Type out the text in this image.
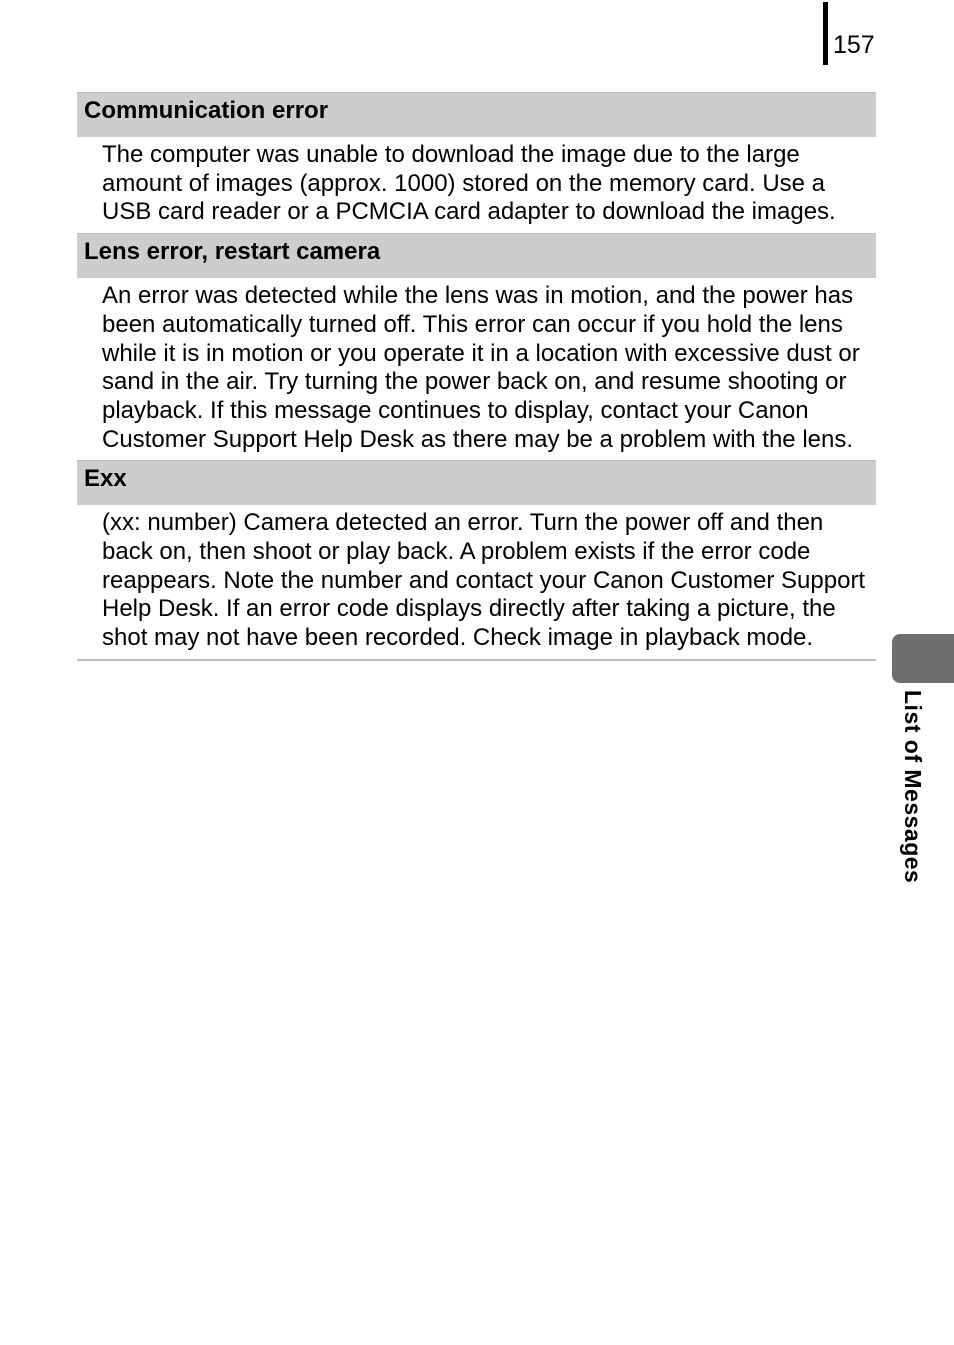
157
Communication error
The computer was unable to download the image due to the large amount of images (approx. 1000) stored on the memory card. Use a USB card reader or a PCMCIA card adapter to download the images.
Lens error, restart camera
An error was detected while the lens was in motion, and the power has been automatically turned off. This error can occur if you hold the lens while it is in motion or you operate it in a location with excessive dust or sand in the air. Try turning the power back on, and resume shooting or playback. If this message continues to display, contact your Canon Customer Support Help Desk as there may be a problem with the lens.
Exx
(xx: number) Camera detected an error. Turn the power off and then back on, then shoot or play back. A problem exists if the error code reappears. Note the number and contact your Canon Customer Support Help Desk. If an error code displays directly after taking a picture, the shot may not have been recorded. Check image in playback mode.
List of Messages
